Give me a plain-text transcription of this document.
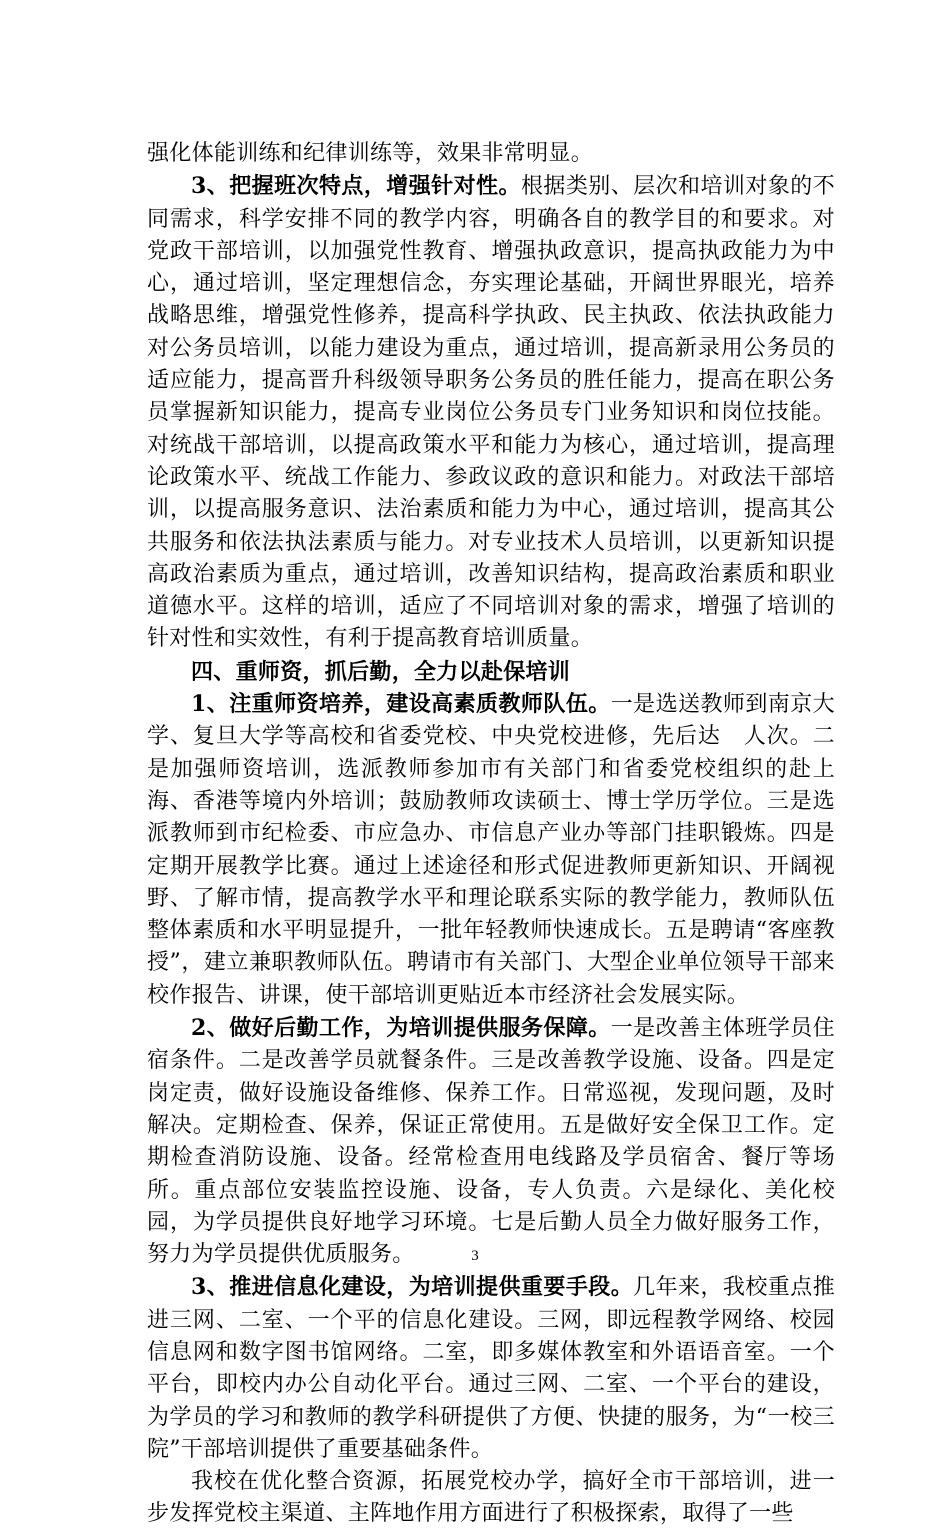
强化体能训练和纪律训练等，效果非常明显。

3、把握班次特点，增强针对性。根据类别、层次和培训对象的不同需求，科学安排不同的教学内容，明确各自的教学目的和要求。对党政干部培训，以加强党性教育、增强执政意识，提高执政能力为中心，通过培训，坚定理想信念，夯实理论基础，开阔世界眼光，培养战略思维，增强党性修养，提高科学执政、民主执政、依法执政能力对公务员培训，以能力建设为重点，通过培训，提高新录用公务员的适应能力，提高晋升科级领导职务公务员的胜任能力，提高在职公务员掌握新知识能力，提高专业岗位公务员专门业务知识和岗位技能。对统战干部培训，以提高政策水平和能力为核心，通过培训，提高理论政策水平、统战工作能力、参政议政的意识和能力。对政法干部培训，以提高服务意识、法治素质和能力为中心，通过培训，提高其公共服务和依法执法素质与能力。对专业技术人员培训，以更新知识提高政治素质为重点，通过培训，改善知识结构，提高政治素质和职业道德水平。这样的培训，适应了不同培训对象的需求，增强了培训的针对性和实效性，有利于提高教育培训质量。

四、重师资，抓后勤，全力以赴保培训

1、注重师资培养，建设高素质教师队伍。一是选送教师到南京大学、复旦大学等高校和省委党校、中央党校进修，先后达　人次。二是加强师资培训，选派教师参加市有关部门和省委党校组织的赴上海、香港等境内外培训；鼓励教师攻读硕士、博士学历学位。三是选派教师到市纪检委、市应急办、市信息产业办等部门挂职锻炼。四是定期开展教学比赛。通过上述途径和形式促进教师更新知识、开阔视野、了解市情，提高教学水平和理论联系实际的教学能力，教师队伍整体素质和水平明显提升，一批年轻教师快速成长。五是聘请“客座教授”，建立兼职教师队伍。聘请市有关部门、大型企业单位领导干部来校作报告、讲课，使干部培训更贴近本市经济社会发展实际。

2、做好后勤工作，为培训提供服务保障。一是改善主体班学员住宿条件。二是改善学员就餐条件。三是改善教学设施、设备。四是定岗定责，做好设施设备维修、保养工作。日常巡视，发现问题，及时解决。定期检查、保养，保证正常使用。五是做好安全保卫工作。定期检查消防设施、设备。经常检查用电线路及学员宿舍、餐厅等场所。重点部位安装监控设施、设备，专人负责。六是绿化、美化校园，为学员提供良好地学习环境。七是后勤人员全力做好服务工作，努力为学员提供优质服务。

3、推进信息化建设，为培训提供重要手段。几年来，我校重点推进三网、二室、一个平的信息化建设。三网，即远程教学网络、校园信息网和数字图书馆网络。二室，即多媒体教室和外语语音室。一个平台，即校内办公自动化平台。通过三网、二室、一个平台的建设，为学员的学习和教师的教学科研提供了方便、快捷的服务，为“一校三院”干部培训提供了重要基础条件。

我校在优化整合资源，拓展党校办学，搞好全市干部培训，进一步发挥党校主渠道、主阵地作用方面进行了积极探索，取得了一些

3
